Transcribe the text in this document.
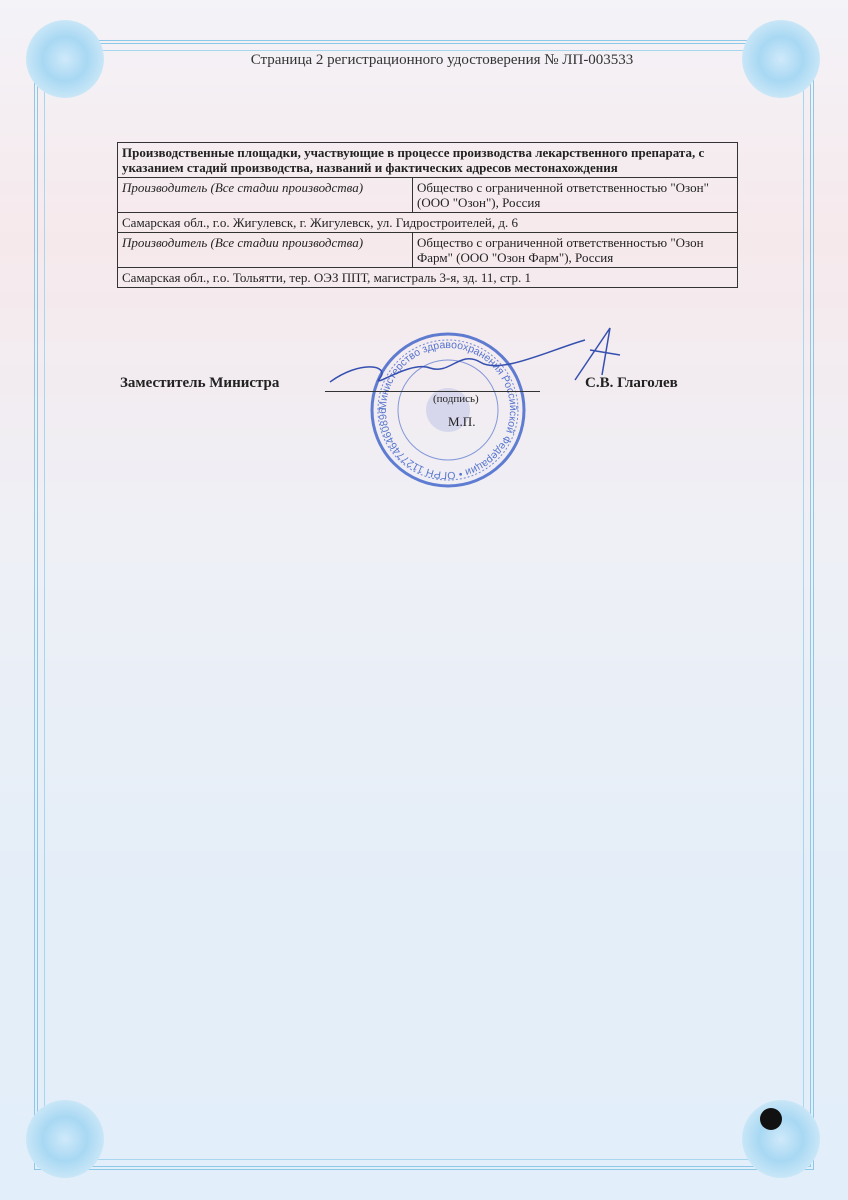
Страница 2 регистрационного удостоверения № ЛП-003533
Производственные площадки, участвующие в процессе производства лекарственного препарата, с указанием стадий производства, названий и фактических адресов местонахождения	
Производитель (Все стадии производства)	Общество с ограниченной ответственностью "Озон" (ООО "Озон"), Россия
Самарская обл., г.о. Жигулевск, г. Жигулевск, ул. Гидростроителей, д. 6	
Производитель (Все стадии производства)	Общество с ограниченной ответственностью "Озон Фарм" (ООО "Озон Фарм"), Россия
Самарская обл., г.о. Тольятти, тер. ОЭЗ ППТ, магистраль 3-я, зд. 11, стр. 1	
Министерство здравоохранения Российской Федерации • ОГРН 1127746460896
Заместитель Министра
(подпись)
М.П.
С.В. Глаголев
